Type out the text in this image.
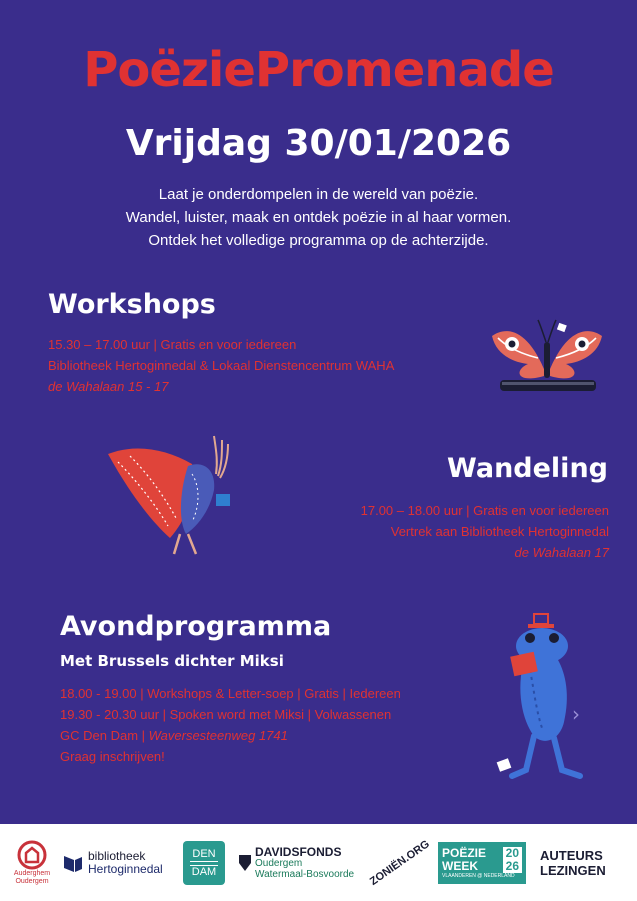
PoëziePromenade
Vrijdag 30/01/2026
Laat je onderdompelen in de wereld van poëzie.
Wandel, luister, maak en ontdek poëzie in al haar vormen.
Ontdek het volledige programma op de achterzijde.
Workshops
15.30 – 17.00 uur | Gratis en voor iedereen
Bibliotheek Hertoginnedal & Lokaal Dienstencentrum WAHA
de Wahalaan 15 - 17
Wandeling
17.00 – 18.00 uur | Gratis en voor iedereen
Vertrek aan Bibliotheek Hertoginnedal
de Wahalaan 17
Avondprogramma
Met Brussels dichter Miksi
18.00 - 19.00 | Workshops & Letter-soep | Gratis | Iedereen
19.30 - 20.30 uur | Spoken word met Miksi | Volwassenen
GC Den Dam | Waversesteenweg 1741
Graag inschrijven!
›
Auderghem
Oudergem
bibliotheek
Hertoginnedal
DEN
DAM
DAVIDSFONDS
Oudergem
Watermaal-Bosvoorde ZONIËN.ORG POËZIE
WEEK
20
26
VLAANDEREN @ NEDERLAND
AUTEURS
LEZINGEN
